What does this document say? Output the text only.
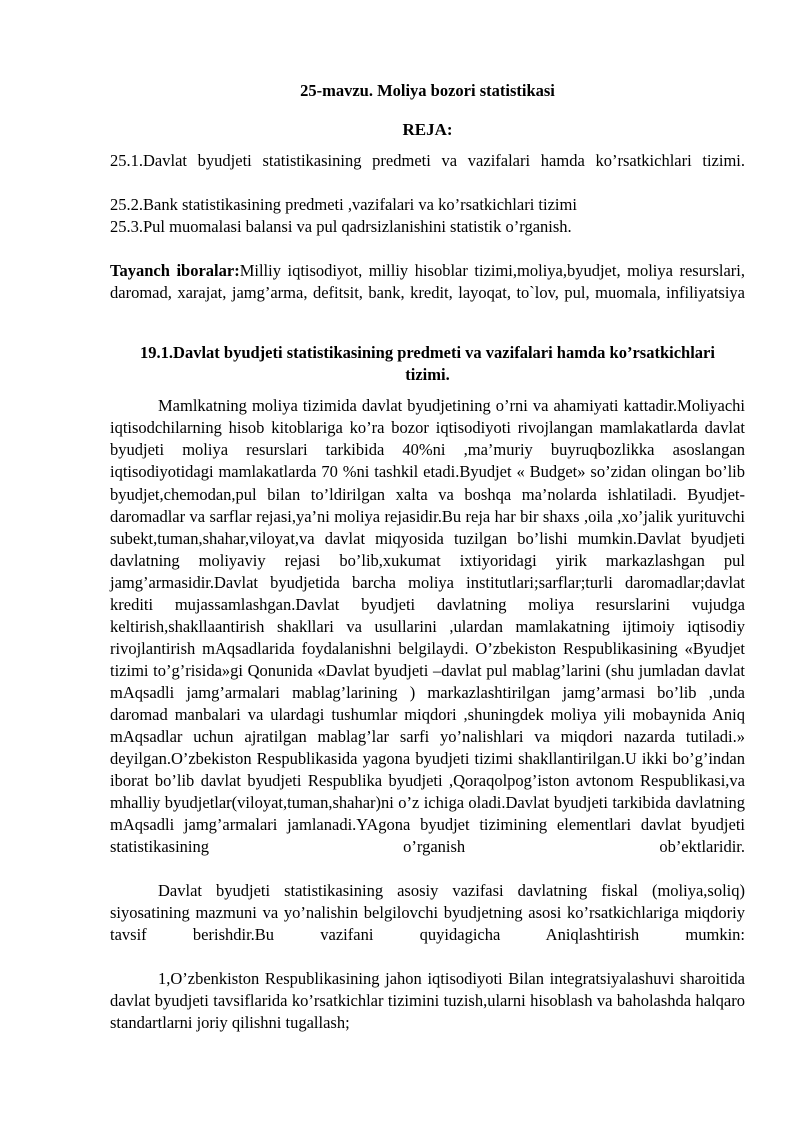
25-mavzu. Moliya bozori statistikasi
REJA:
25.1.Davlat byudjeti statistikasining predmeti va vazifalari hamda ko’rsatkichlari tizimi.
25.2.Bank statistikasining predmeti ,vazifalari va ko’rsatkichlari tizimi
25.3.Pul muomalasi balansi va pul qadrsizlanishini statistik o’rganish.
Tayanch iboralar:Milliy iqtisodiyot, milliy hisoblar tizimi,moliya,byudjet, moliya resurslari, daromad, xarajat, jamg’arma, defitsit, bank, kredit, layoqat, to`lov, pul, muomala, infiliyatsiya
19.1.Davlat byudjeti statistikasining predmeti va vazifalari hamda ko’rsatkichlari tizimi.

Mamlkatning moliya tizimida davlat byudjetining o’rni va ahamiyati kattadir.Moliyachi iqtisodchilarning hisob kitoblariga ko’ra bozor iqtisodiyoti rivojlangan mamlakatlarda davlat byudjeti moliya resurslari tarkibida 40%ni ,ma’muriy buyruqbozlikka asoslangan iqtisodiyotidagi mamlakatlarda 70 %ni tashkil etadi.Byudjet « Budget» so’zidan olingan bo’lib byudjet,chemodan,pul bilan to’ldirilgan xalta va boshqa ma’nolarda ishlatiladi. Byudjet-daromadlar va sarflar rejasi,ya’ni moliya rejasidir.Bu reja har bir shaxs ,oila ,xo’jalik yurituvchi subekt,tuman,shahar,viloyat,va davlat miqyosida tuzilgan bo’lishi mumkin.Davlat byudjeti davlatning moliyaviy rejasi bo’lib,xukumat ixtiyoridagi yirik markazlashgan pul jamg’armasidir.Davlat byudjetida barcha moliya institutlari;sarflar;turli daromadlar;davlat krediti mujassamlashgan.Davlat byudjeti davlatning moliya resurslarini vujudga keltirish,shakllaantirish shakllari va usullarini ,ulardan mamlakatning ijtimoiy iqtisodiy rivojlantirish mAqsadlarida foydalanishni belgilaydi. O’zbekiston Respublikasining «Byudjet tizimi to’g’risida»gi Qonunida «Davlat byudjeti –davlat pul mablag’larini (shu jumladan davlat mAqsadli jamg’armalari mablag’larining ) markazlashtirilgan jamg’armasi bo’lib ,unda daromad manbalari va ulardagi tushumlar miqdori ,shuningdek moliya yili mobaynida Aniq mAqsadlar uchun ajratilgan mablag’lar sarfi yo’nalishlari va miqdori nazarda tutiladi.» deyilgan.O’zbekiston Respublikasida yagona byudjeti tizimi shakllantirilgan.U ikki bo’g’indan iborat bo’lib davlat byudjeti Respublika byudjeti ,Qoraqolpog’iston avtonom Respublikasi,va mhalliy byudjetlar(viloyat,tuman,shahar)ni o’z ichiga oladi.Davlat byudjeti tarkibida davlatning mAqsadli jamg’armalari jamlanadi.YAgona byudjet tizimining elementlari davlat byudjeti statistikasining o’rganish ob’ektlaridir.

Davlat byudjeti statistikasining asosiy vazifasi davlatning fiskal (moliya,soliq) siyosatining mazmuni va yo’nalishin belgilovchi byudjetning asosi ko’rsatkichlariga miqdoriy tavsif berishdir.Bu vazifani quyidagicha Aniqlashtirish mumkin:

1,O’zbenkiston Respublikasining jahon iqtisodiyoti Bilan integratsiyalashuvi sharoitida davlat byudjeti tavsiflarida ko’rsatkichlar tizimini tuzish,ularni hisoblash va baholashda halqaro standartlarni joriy qilishni tugallash;
